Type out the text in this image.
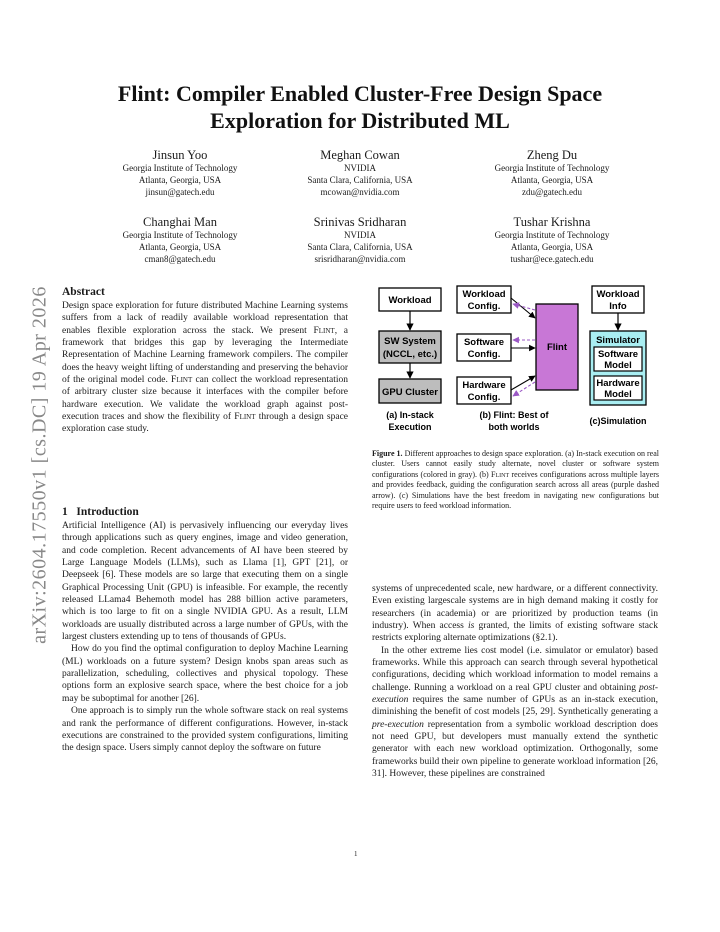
arXiv:2604.17550v1 [cs.DC] 19 Apr 2026
Flint: Compiler Enabled Cluster-Free Design Space Exploration for Distributed ML
Jinsun Yoo
Georgia Institute of Technology
Atlanta, Georgia, USA
jinsun@gatech.edu
Meghan Cowan
NVIDIA
Santa Clara, California, USA
mcowan@nvidia.com
Zheng Du
Georgia Institute of Technology
Atlanta, Georgia, USA
zdu@gatech.edu
Changhai Man
Georgia Institute of Technology
Atlanta, Georgia, USA
cman8@gatech.edu
Srinivas Sridharan
NVIDIA
Santa Clara, California, USA
srisridharan@nvidia.com
Tushar Krishna
Georgia Institute of Technology
Atlanta, Georgia, USA
tushar@ece.gatech.edu
Abstract

Design space exploration for future distributed Machine Learning systems suffers from a lack of readily available workload representation that enables flexible exploration across the stack. We present Flint, a framework that bridges this gap by leveraging the Intermediate Representation of Machine Learning framework compilers. The compiler does the heavy weight lifting of understanding and preserving the behavior of the original model code. Flint can collect the workload representation of arbitrary cluster size because it interfaces with the compiler before hardware execution. We validate the workload graph against post-execution traces and show the flexibility of Flint through a design space exploration case study.

1   Introduction

Artificial Intelligence (AI) is pervasively influencing our everyday lives through applications such as query engines, image and video generation, and code completion. Recent advancements of AI have been steered by Large Language Models (LLMs), such as Llama [1], GPT [21], or Deepseek [6]. These models are so large that executing them on a single Graphical Processing Unit (GPU) is infeasible. For example, the recently released LLama4 Behemoth model has 288 billion active parameters, which is too large to fit on a single NVIDIA GPU. As a result, LLM workloads are usually distributed across a large number of GPUs, with the largest clusters extending up to tens of thousands of GPUs.

How do you find the optimal configuration to deploy Machine Learning (ML) workloads on a future system? Design knobs span areas such as parallelization, scheduling, collectives and physical topology. These options form an explosive search space, where the best choice for a job may be suboptimal for another [26].

One approach is to simply run the whole software stack on real systems and rank the performance of different configurations. However, in-stack executions are constrained to the provided system configurations, limiting the design space. Users simply cannot deploy the software on future

Workload
SW System
(NCCL, etc.)
GPU Cluster
(a) In-stack
Execution
Workload
Config.
Software
Config.
Hardware
Config.
Flint
(b) Flint: Best of
both worlds
Workload
Info
Simulator
Software
Model
Hardware
Model
(c)Simulation

Figure 1. Different approaches to design space exploration. (a) In-stack execution on real cluster. Users cannot easily study alternate, novel cluster or software system configurations (colored in gray). (b) Flint receives configurations across multiple layers and provides feedback, guiding the configuration search across all areas (purple dashed arrow). (c) Simulations have the best freedom in navigating new configurations but require users to feed workload information.

systems of unprecedented scale, new hardware, or a different connectivity. Even existing largescale systems are in high demand making it costly for researchers (in academia) or are prioritized by production teams (in industry). When access is granted, the limits of existing software stack restricts exploring alternate optimizations (§2.1).

In the other extreme lies cost model (i.e. simulator or emulator) based frameworks. While this approach can search through several hypothetical configurations, deciding which workload information to model remains a challenge. Running a workload on a real GPU cluster and obtaining post-execution requires the same number of GPUs as an in-stack execution, diminishing the benefit of cost models [25, 29]. Synthetically generating a pre-execution representation from a symbolic workload description does not need GPU, but developers must manually extend the synthetic generator with each new workload optimization. Orthogonally, some frameworks build their own pipeline to generate workload information [26, 31]. However, these pipelines are constrained

1
